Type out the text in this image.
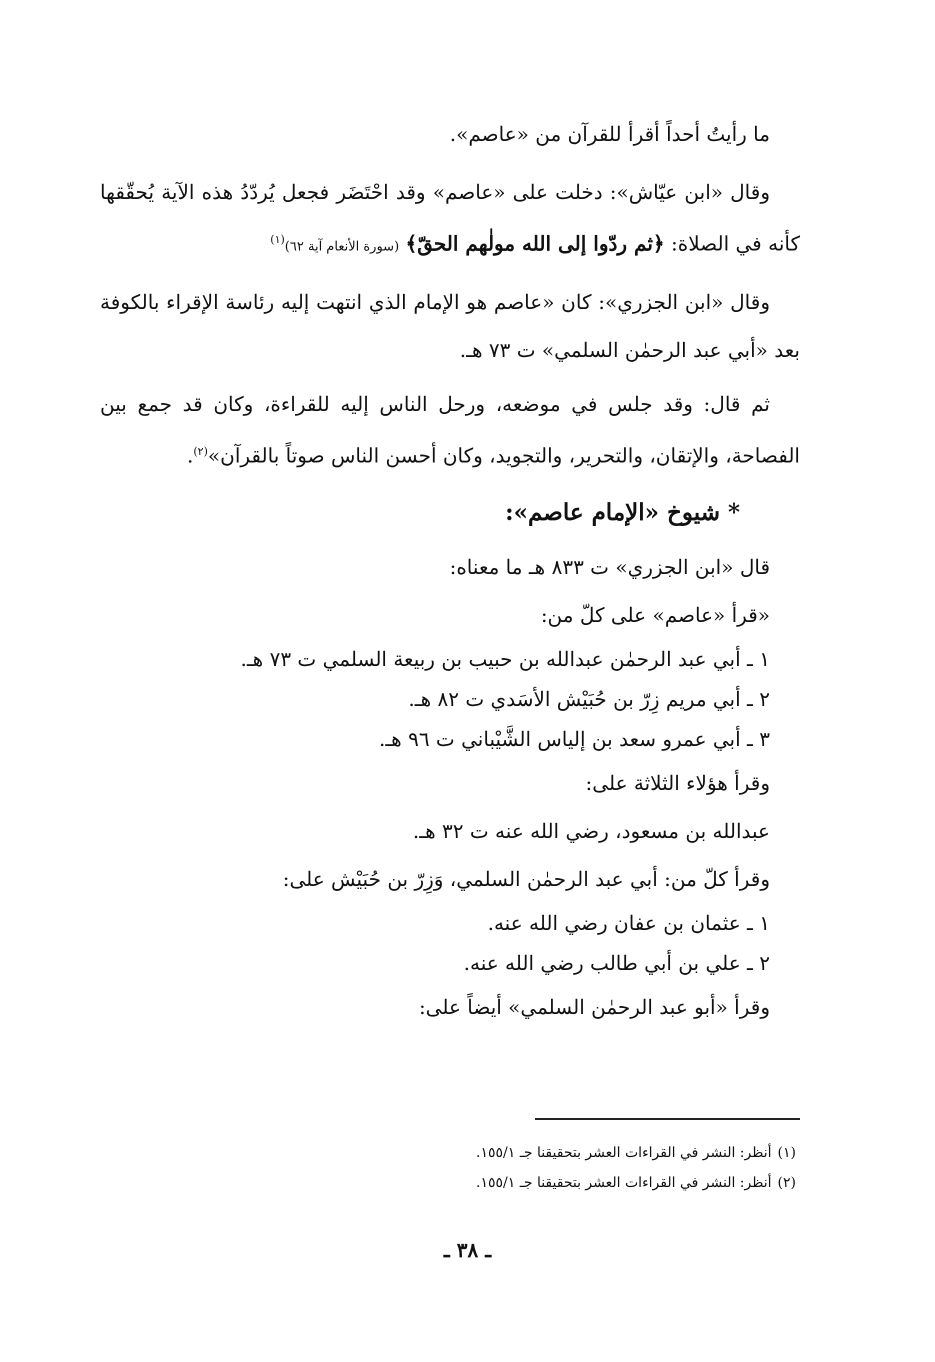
ما رأيتُ أحداً أقرأ للقرآن من «عاصم».

وقال «ابن عيّاش»: دخلت على «عاصم» وقد احْتَضَر فجعل يُردّدُ هذه الآية يُحقّقها كأنه في الصلاة: ﴿ثم ردّوا إلى الله مولٰهم الحقّ﴾ (سورة الأنعام آية ٦٢)$^{(١)}$

وقال «ابن الجزري»: كان «عاصم هو الإمام الذي انتهت إليه رئاسة الإقراء بالكوفة بعد «أبي عبد الرحمٰن السلمي» ت ٧٣ هـ.

ثم قال: وقد جلس في موضعه، ورحل الناس إليه للقراءة، وكان قد جمع بين الفصاحة، والإتقان، والتحرير، والتجويد، وكان أحسن الناس صوتاً بالقرآن»$^{(٢)}$.

* شيوخ «الإمام عاصم»:

قال «ابن الجزري» ت ٨٣٣ هـ ما معناه:

«قرأ «عاصم» على كلّ من:

١ ـ أبي عبد الرحمٰن عبدالله بن حبيب بن ربيعة السلمي ت ٧٣ هـ.

٢ ـ أبي مريم زِرّ بن حُبَيْش الأسَدي ت ٨٢ هـ.

٣ ـ أبي عمرو سعد بن إلياس الشَّيْباني ت ٩٦ هـ.

وقرأ هؤلاء الثلاثة على:

عبدالله بن مسعود، رضي الله عنه ت ٣٢ هـ.

وقرأ كلّ من: أبي عبد الرحمٰن السلمي، وَزِرّ بن حُبَيْش على:

١ ـ عثمان بن عفان رضي الله عنه.

٢ ـ علي بن أبي طالب رضي الله عنه.

وقرأ «أبو عبد الرحمٰن السلمي» أيضاً على:

(١)أنظر: النشر في القراءات العشر بتحقيقنا جـ ١٥٥/١.
(٢)أنظر: النشر في القراءات العشر بتحقيقنا جـ ١٥٥/١.
ـ ٣٨ ـ
